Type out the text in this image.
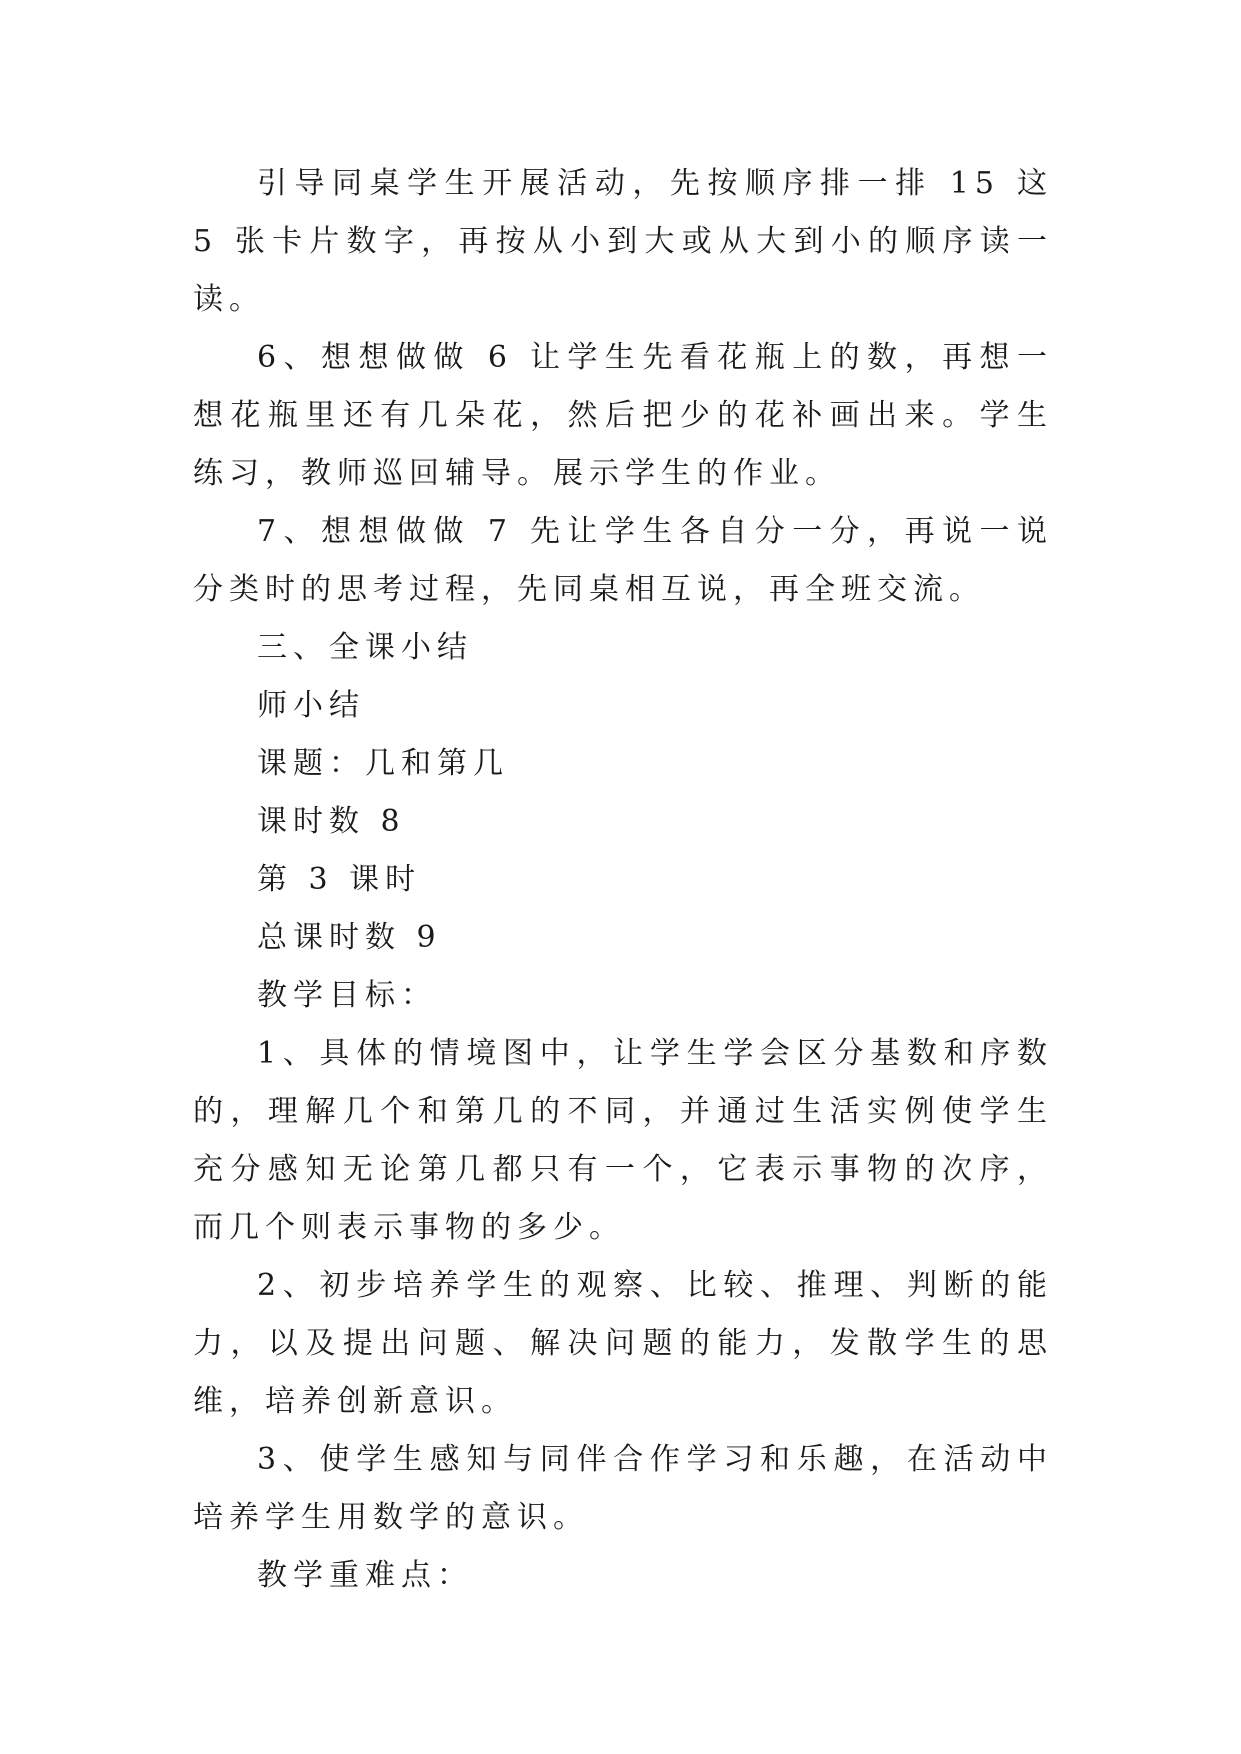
引导同桌学生开展活动，先按顺序排一排 15 这 5 张卡片数字，再按从小到大或从大到小的顺序读一读。

6、想想做做 6 让学生先看花瓶上的数，再想一想花瓶里还有几朵花，然后把少的花补画出来。学生练习，教师巡回辅导。展示学生的作业。

7、想想做做 7 先让学生各自分一分，再说一说分类时的思考过程，先同桌相互说，再全班交流。

三、全课小结

师小结

课题：几和第几

课时数 8

第 3 课时

总课时数 9

教学目标：

1、具体的情境图中，让学生学会区分基数和序数的，理解几个和第几的不同，并通过生活实例使学生充分感知无论第几都只有一个，它表示事物的次序，而几个则表示事物的多少。

2、初步培养学生的观察、比较、推理、判断的能力，以及提出问题、解决问题的能力，发散学生的思维，培养创新意识。

3、使学生感知与同伴合作学习和乐趣，在活动中培养学生用数学的意识。

教学重难点：
